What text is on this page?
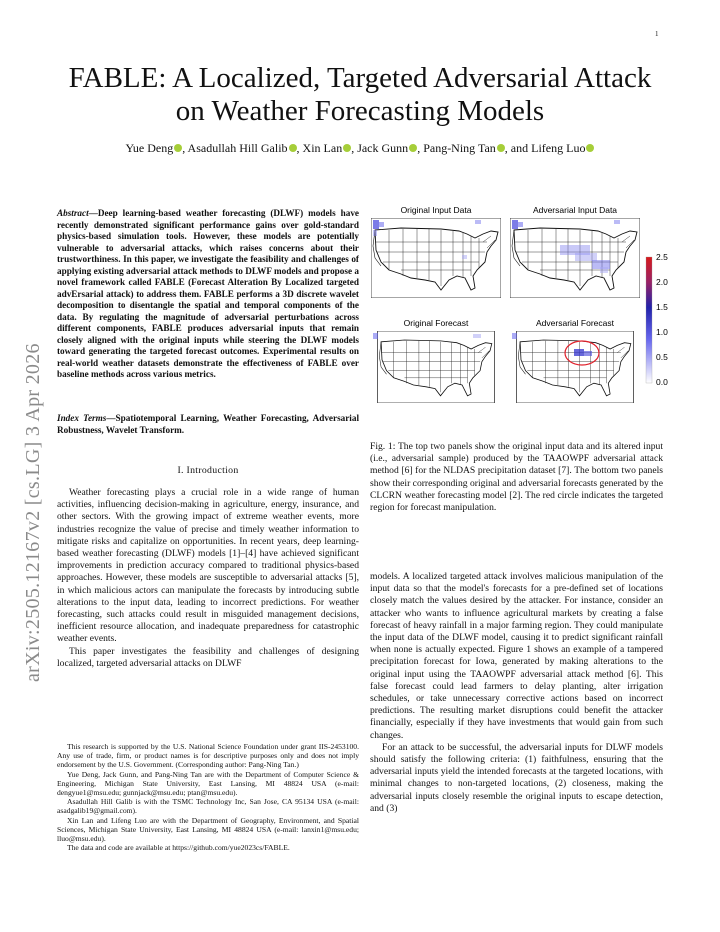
1
arXiv:2505.12167v2 [cs.LG] 3 Apr 2026
FABLE: A Localized, Targeted Adversarial Attack
on Weather Forecasting Models
Yue Deng , Asadullah Hill Galib , Xin Lan , Jack Gunn , Pang-Ning Tan , and Lifeng Luo
Abstract—Deep learning-based weather forecasting (DLWF) models have recently demonstrated significant performance gains over gold-standard physics-based simulation tools. However, these models are potentially vulnerable to adversarial attacks, which raises concerns about their trustworthiness. In this paper, we investigate the feasibility and challenges of applying existing adversarial attack methods to DLWF models and propose a novel framework called FABLE (Forecast Alteration By Localized targeted advErsarial attack) to address them. FABLE performs a 3D discrete wavelet decomposition to disentangle the spatial and temporal components of the data. By regulating the magnitude of adversarial perturbations across different components, FABLE produces adversarial inputs that remain closely aligned with the original inputs while steering the DLWF models toward generating the targeted forecast outcomes. Experimental results on real-world weather datasets demonstrate the effectiveness of FABLE over baseline methods across various metrics.
Index Terms—Spatiotemporal Learning, Weather Forecasting, Adversarial Robustness, Wavelet Transform.
I. Introduction

Weather forecasting plays a crucial role in a wide range of human activities, influencing decision-making in agriculture, energy, insurance, and other sectors. With the growing impact of extreme weather events, more industries recognize the value of precise and timely weather information to mitigate risks and capitalize on opportunities. In recent years, deep learning-based weather forecasting (DLWF) models [1]–[4] have achieved significant improvements in prediction accuracy compared to traditional physics-based approaches. However, these models are susceptible to adversarial attacks [5], in which malicious actors can manipulate the forecasts by introducing subtle alterations to the input data, leading to incorrect predictions. For weather forecasting, such attacks could result in misguided management decisions, inefficient resource allocation, and inadequate preparedness for catastrophic weather events.

This paper investigates the feasibility and challenges of designing localized, targeted adversarial attacks on DLWF

This research is supported by the U.S. National Science Foundation under grant IIS-2453100. Any use of trade, firm, or product names is for descriptive purposes only and does not imply endorsement by the U.S. Government. (Corresponding author: Pang-Ning Tan.)

Yue Deng, Jack Gunn, and Pang-Ning Tan are with the Department of Computer Science & Engineering, Michigan State University, East Lansing, MI 48824 USA (e-mail: dengyue1@msu.edu; gunnjack@msu.edu; ptan@msu.edu).

Asadullah Hill Galib is with the TSMC Technology Inc, San Jose, CA 95134 USA (e-mail: asadgalib19@gmail.com).

Xin Lan and Lifeng Luo are with the Department of Geography, Environment, and Spatial Sciences, Michigan State University, East Lansing, MI 48824 USA (e-mail: lanxin1@msu.edu; lluo@msu.edu).

The data and code are available at https://github.com/yue2023cs/FABLE.

Original Input Data	Adversarial Input Data
Original Forecast	Adversarial Forecast
2.5
2.0
1.5
1.0
0.5
0.0
Fig. 1: The top two panels show the original input data and its altered input (i.e., adversarial sample) produced by the TAAOWPF adversarial attack method [6] for the NLDAS precipitation dataset [7]. The bottom two panels show their corresponding original and adversarial forecasts generated by the CLCRN weather forecasting model [2]. The red circle indicates the targeted region for forecast manipulation.

models. A localized targeted attack involves malicious manipulation of the input data so that the model's forecasts for a pre-defined set of locations closely match the values desired by the attacker. For instance, consider an attacker who wants to influence agricultural markets by creating a false forecast of heavy rainfall in a major farming region. They could manipulate the input data of the DLWF model, causing it to predict significant rainfall when none is actually expected. Figure 1 shows an example of a tampered precipitation forecast for Iowa, generated by making alterations to the original input using the TAAOWPF adversarial attack method [6]. This false forecast could lead farmers to delay planting, alter irrigation schedules, or take unnecessary corrective actions based on incorrect predictions. The resulting market disruptions could benefit the attacker financially, especially if they have investments that would gain from such changes.

For an attack to be successful, the adversarial inputs for DLWF models should satisfy the following criteria: (1) faithfulness, ensuring that the adversarial inputs yield the intended forecasts at the targeted locations, with minimal changes to non-targeted locations, (2) closeness, making the adversarial inputs closely resemble the original inputs to escape detection, and (3)
